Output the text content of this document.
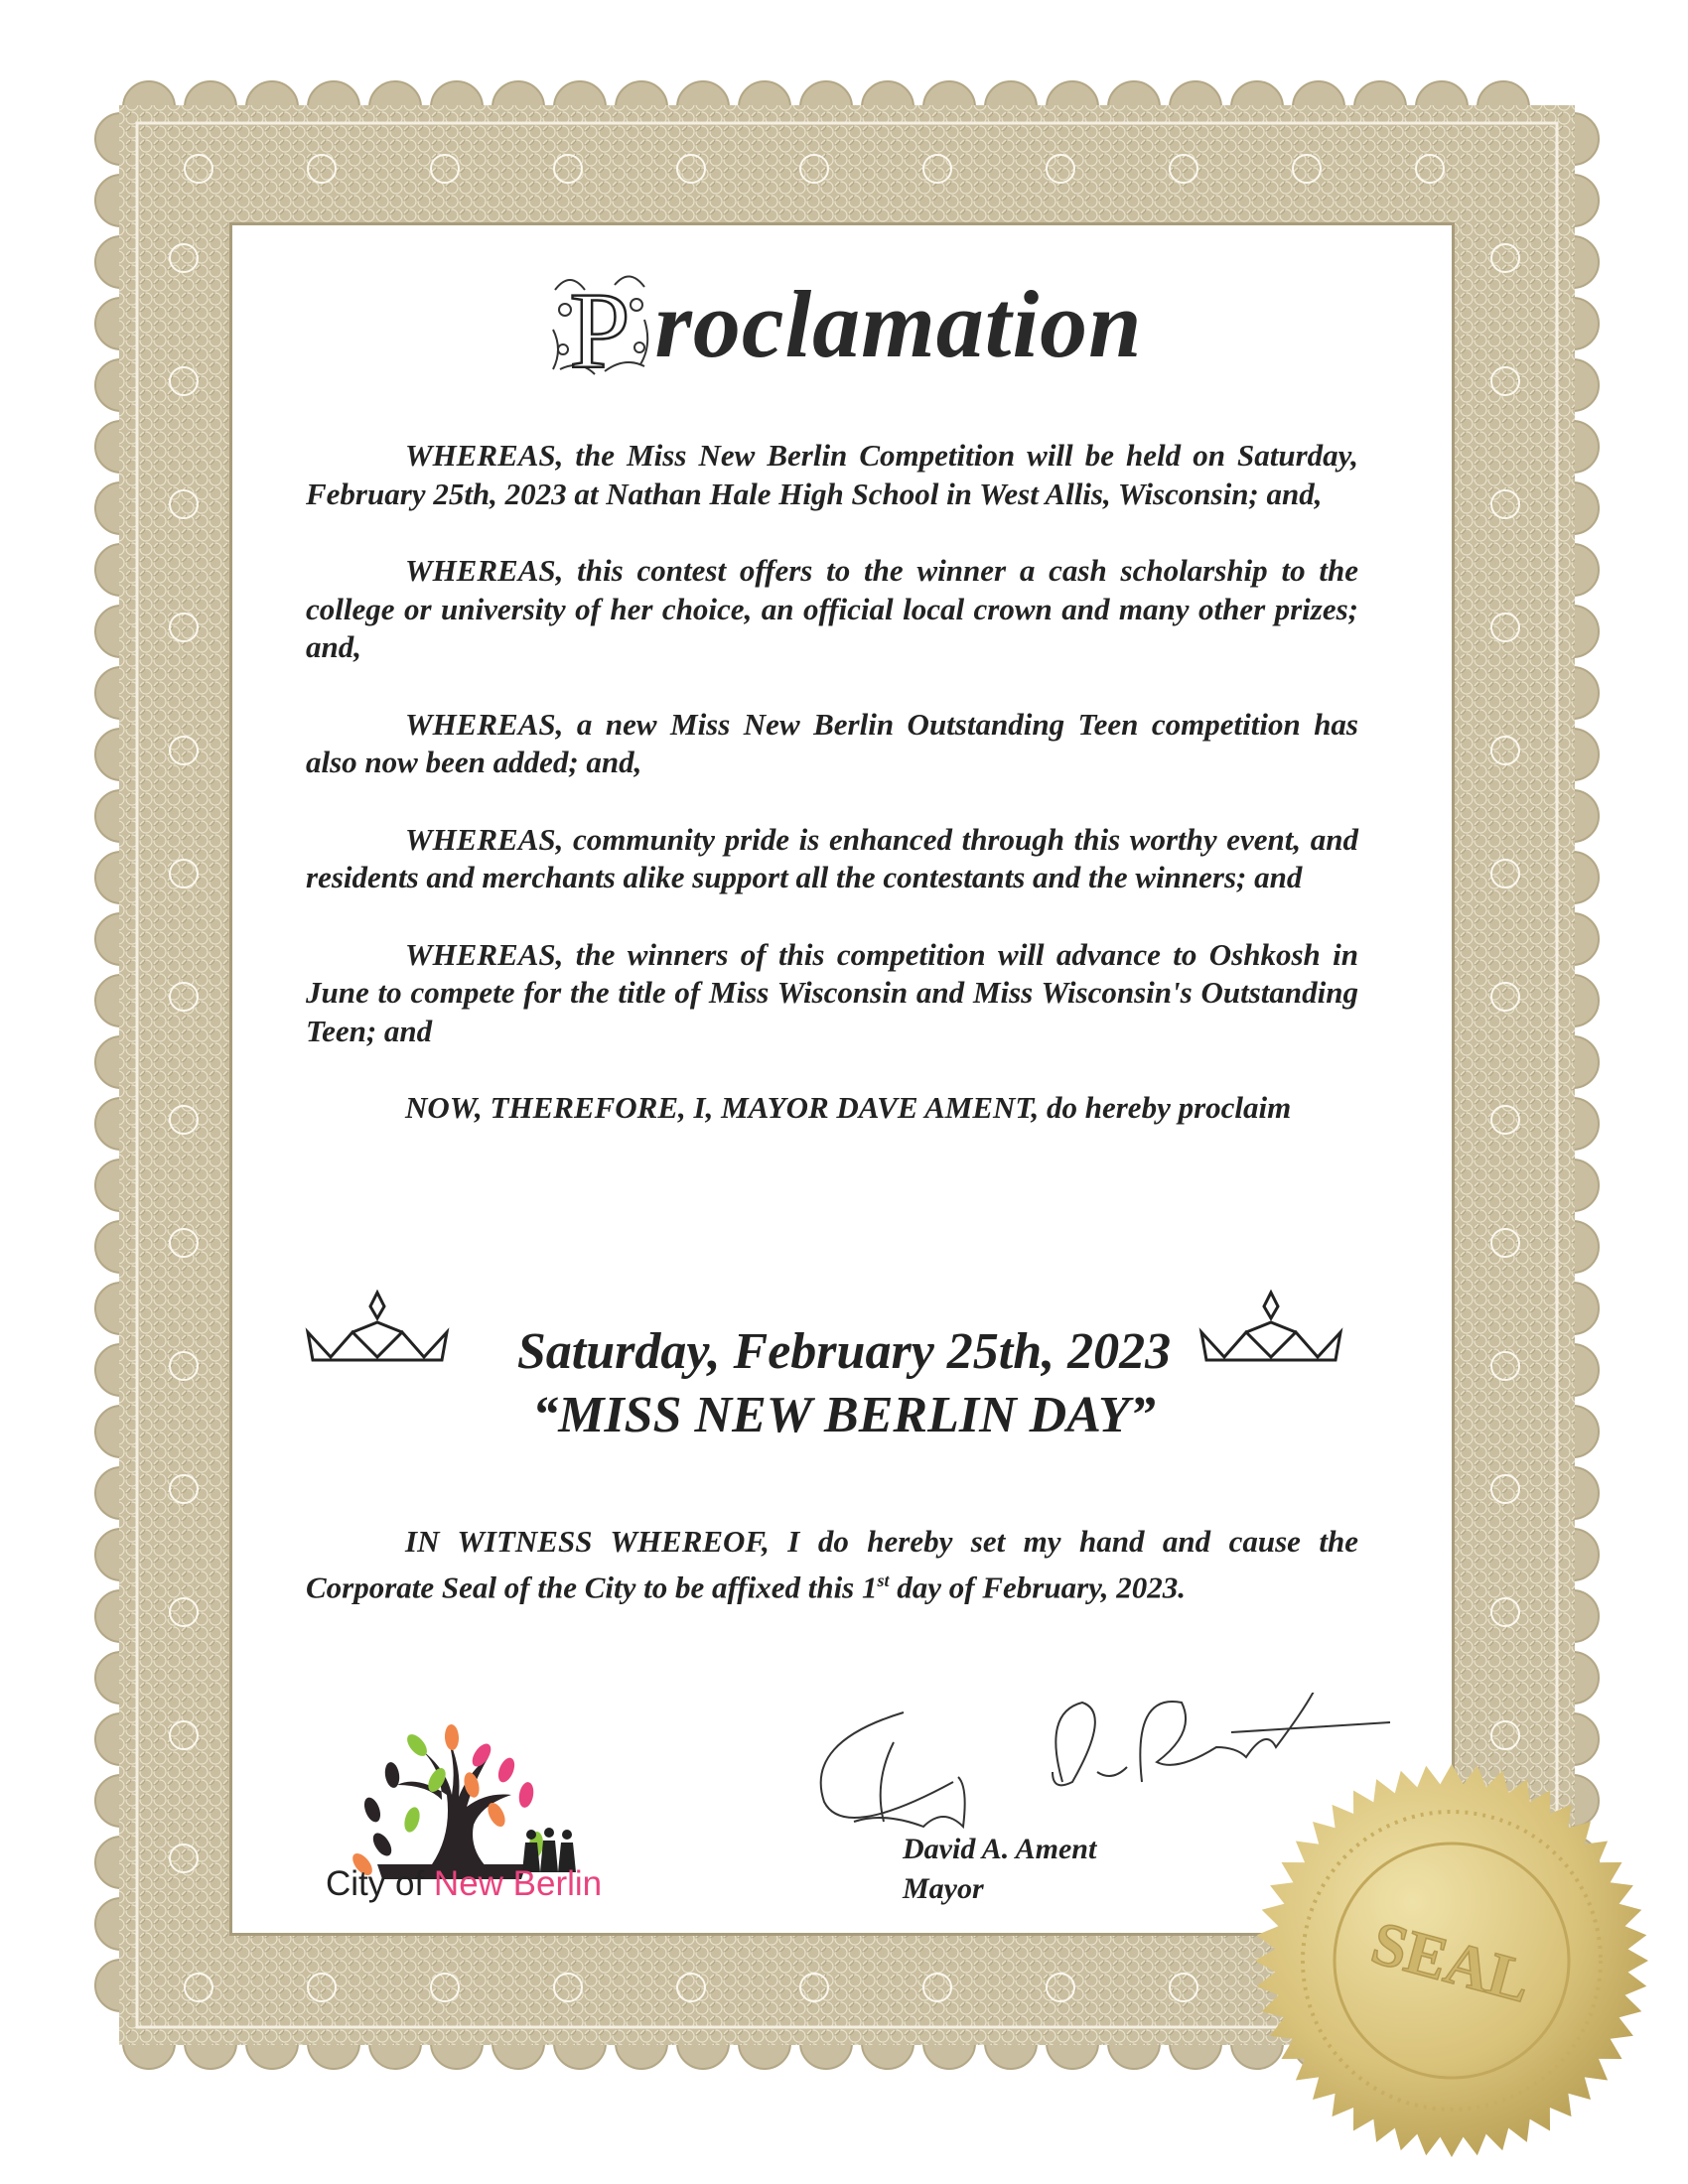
P roclamation

WHEREAS, the Miss New Berlin Competition will be held on Saturday, February 25th, 2023 at Nathan Hale High School in West Allis, Wisconsin; and,

WHEREAS, this contest offers to the winner a cash scholarship to the college or university of her choice, an official local crown and many other prizes; and,

WHEREAS, a new Miss New Berlin Outstanding Teen competition has also now been added; and,

WHEREAS, community pride is enhanced through this worthy event, and residents and merchants alike support all the contestants and the winners; and

WHEREAS, the winners of this competition will advance to Oshkosh in June to compete for the title of Miss Wisconsin and Miss Wisconsin's Outstanding Teen; and

NOW, THEREFORE, I, MAYOR DAVE AMENT, do hereby proclaim

Saturday, February 25th, 2023
“MISS NEW BERLIN DAY”
IN WITNESS WHEREOF, I do hereby set my hand and cause the Corporate Seal of the City to be affixed this 1st day of February, 2023.
City of New Berlin
David A. Ament
Mayor
SEAL
